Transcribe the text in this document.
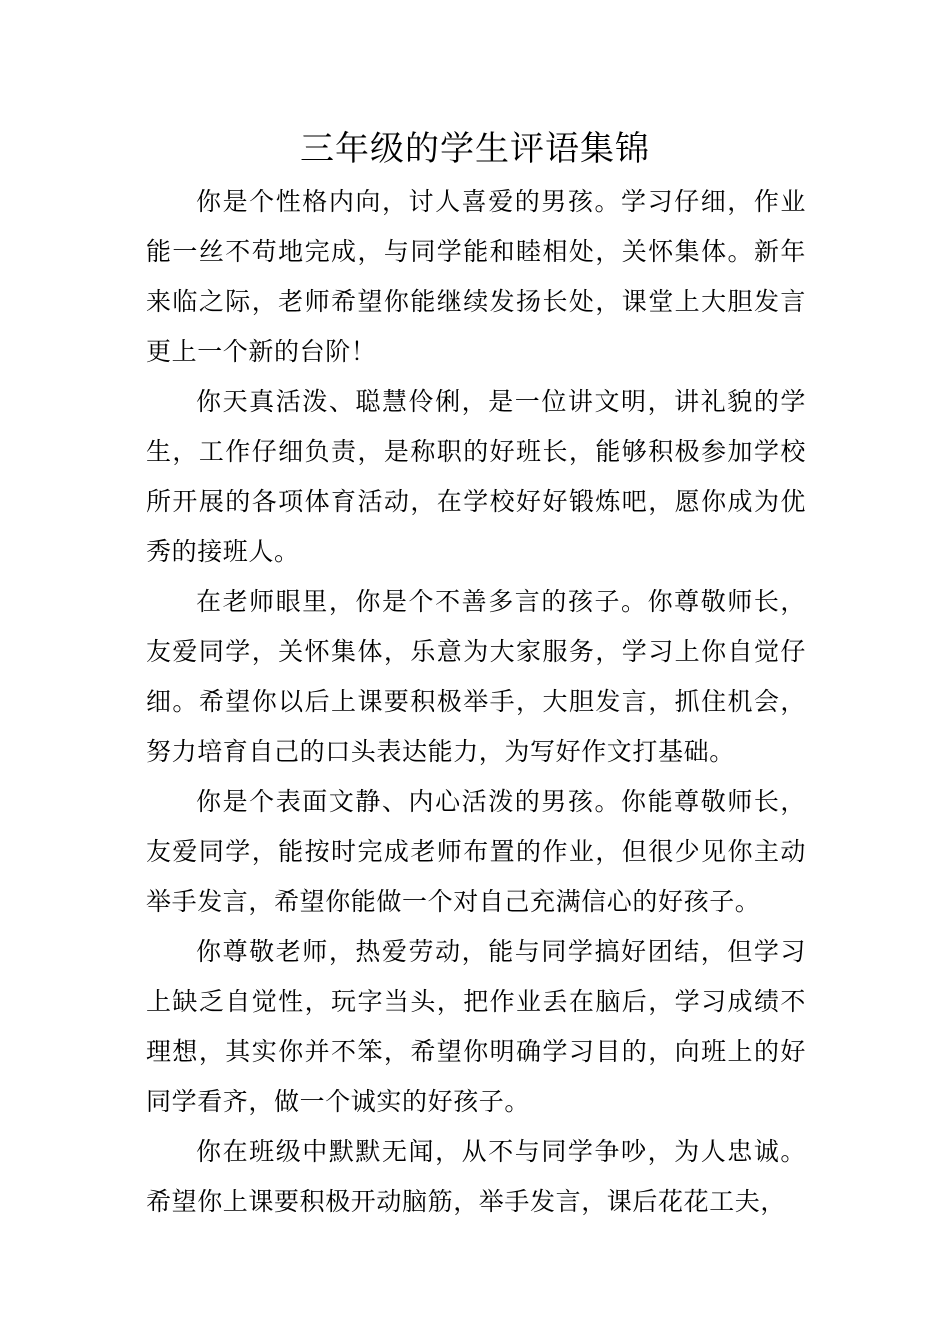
三年级的学生评语集锦

你是个性格内向，讨人喜爱的男孩。学习仔细，作业能一丝不苟地完成，与同学能和睦相处，关怀集体。新年来临之际，老师希望你能继续发扬长处，课堂上大胆发言更上一个新的台阶！

你天真活泼、聪慧伶俐，是一位讲文明，讲礼貌的学生，工作仔细负责，是称职的好班长，能够积极参加学校所开展的各项体育活动，在学校好好锻炼吧，愿你成为优秀的接班人。

在老师眼里，你是个不善多言的孩子。你尊敬师长，友爱同学，关怀集体，乐意为大家服务，学习上你自觉仔细。希望你以后上课要积极举手，大胆发言，抓住机会，努力培育自己的口头表达能力，为写好作文打基础。

你是个表面文静、内心活泼的男孩。你能尊敬师长，友爱同学，能按时完成老师布置的作业，但很少见你主动举手发言，希望你能做一个对自己充满信心的好孩子。

你尊敬老师，热爱劳动，能与同学搞好团结，但学习上缺乏自觉性，玩字当头，把作业丢在脑后，学习成绩不理想，其实你并不笨，希望你明确学习目的，向班上的好同学看齐，做一个诚实的好孩子。

你在班级中默默无闻，从不与同学争吵，为人忠诚。希望你上课要积极开动脑筋，举手发言，课后花花工夫，
